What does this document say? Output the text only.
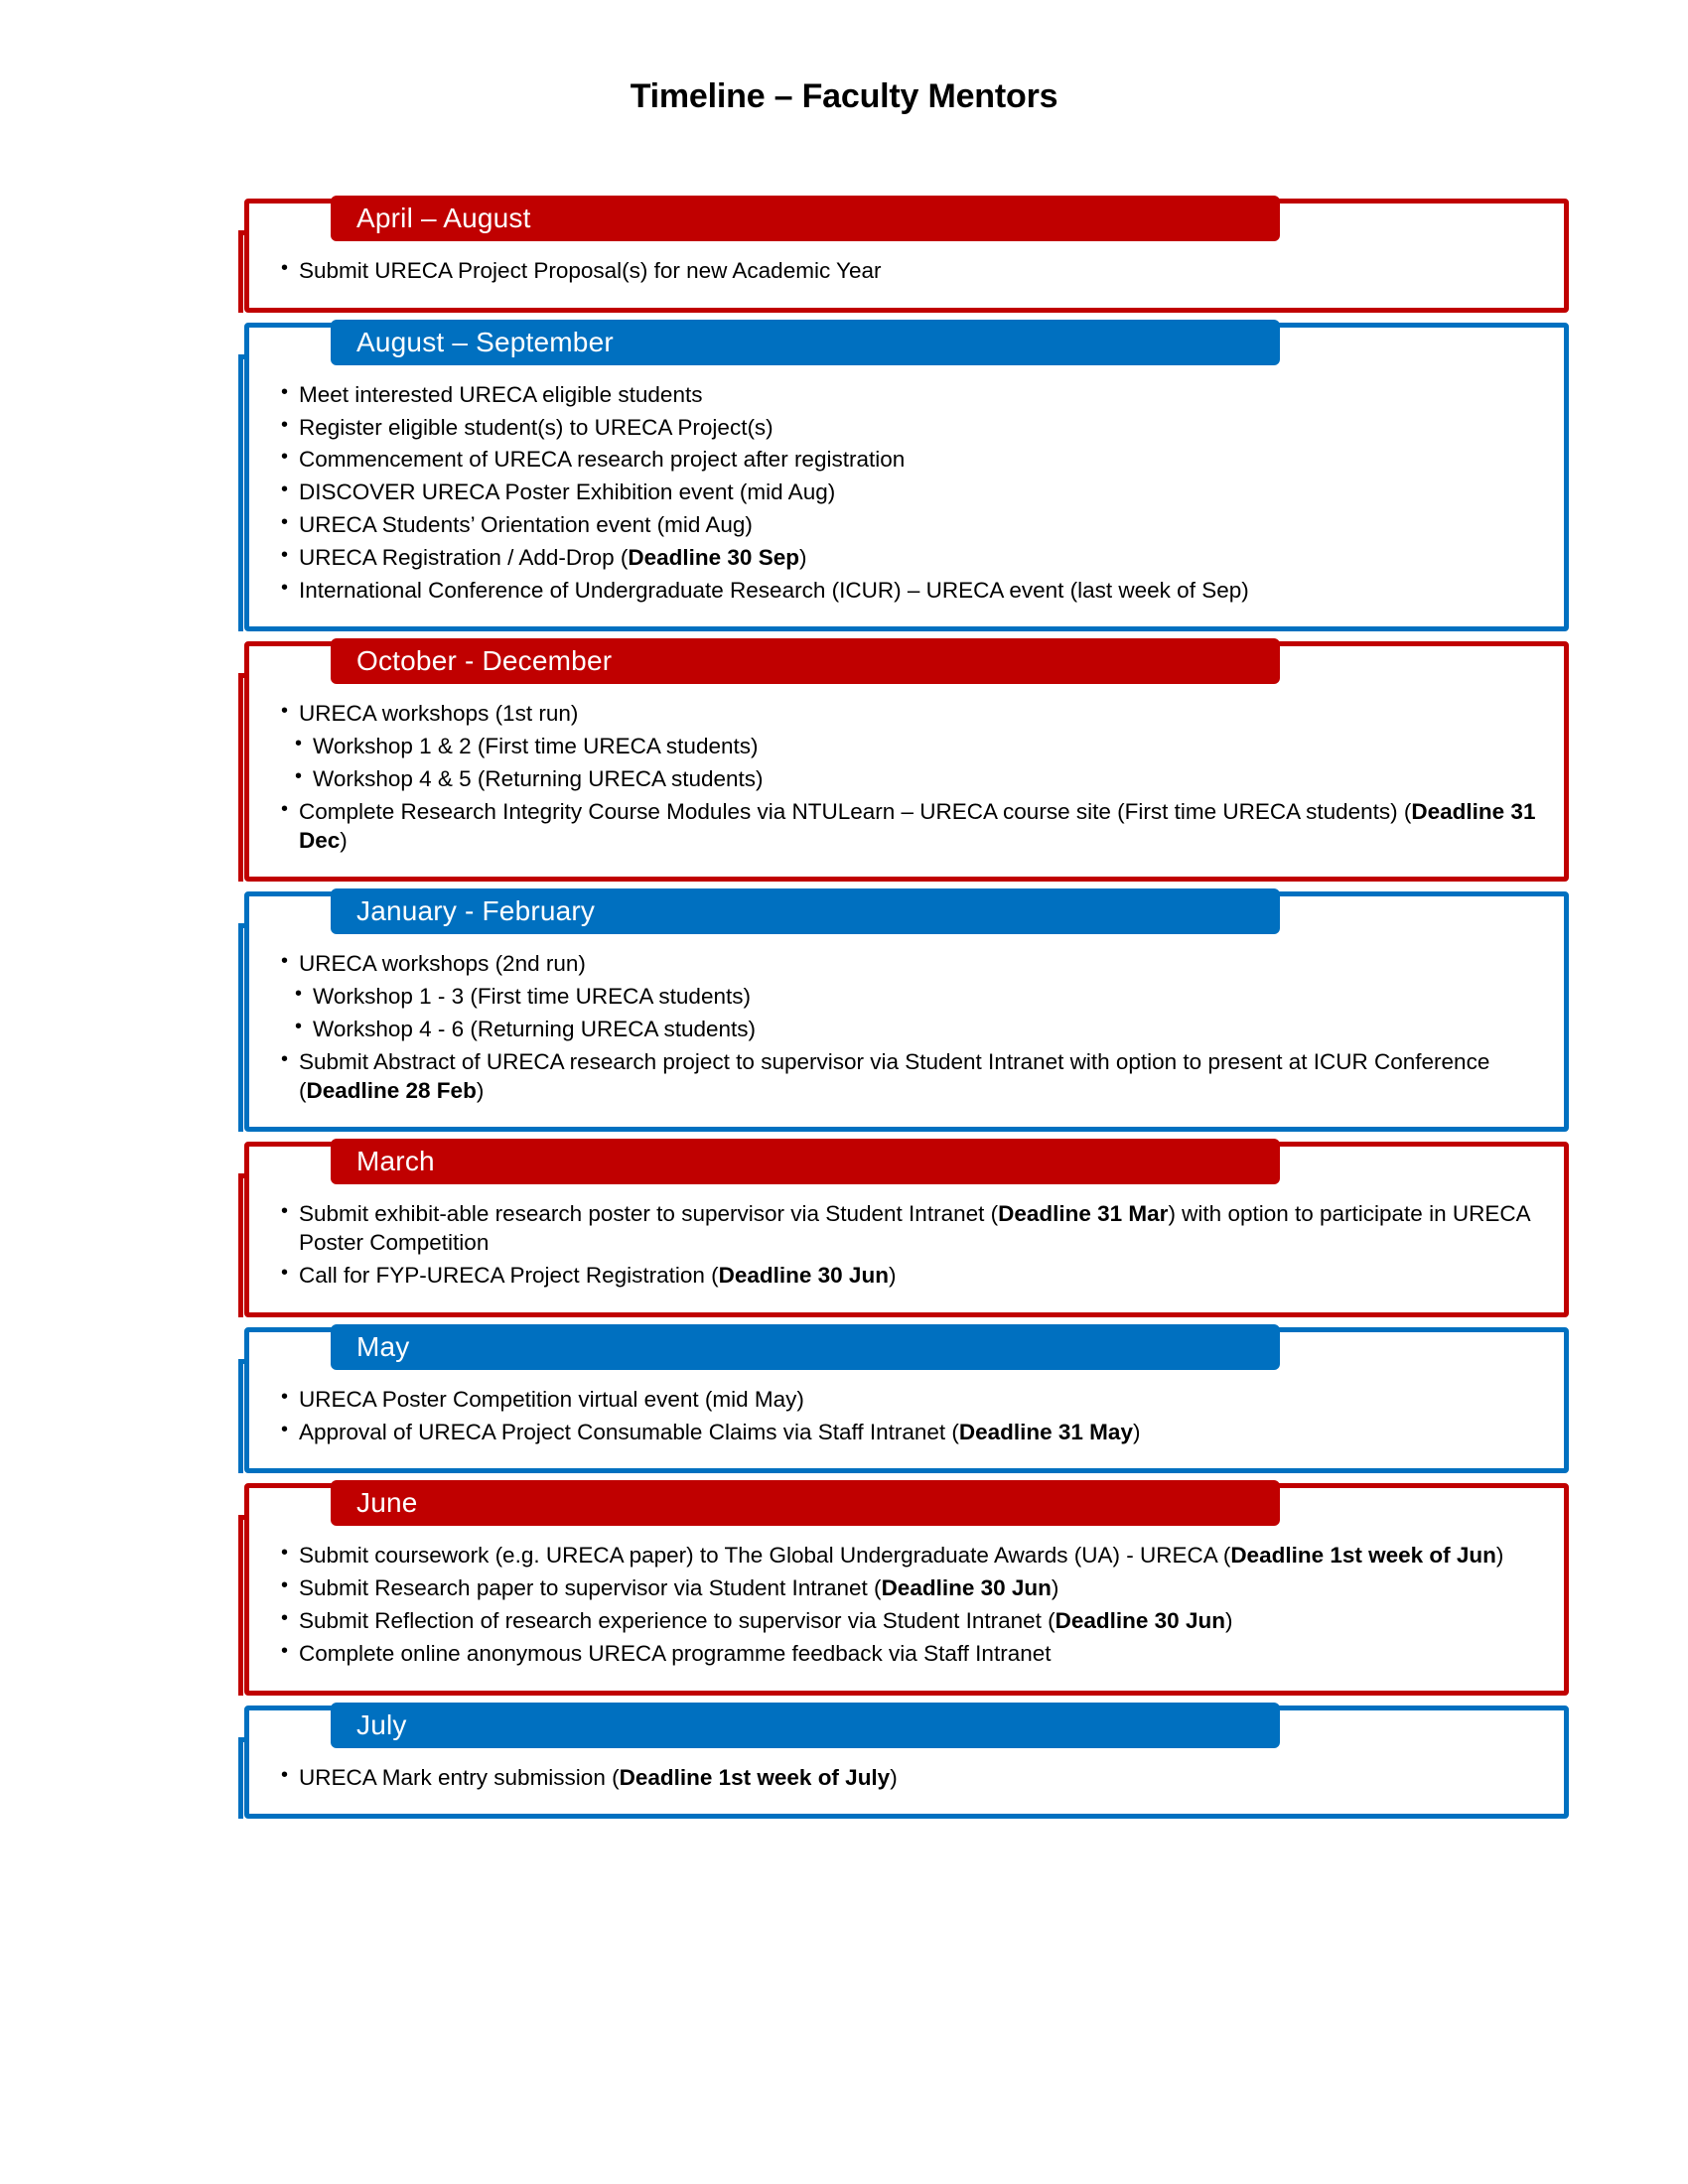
Timeline – Faculty Mentors
April – August
• Submit URECA Project Proposal(s) for new Academic Year
August – September
• Meet interested URECA eligible students
• Register eligible student(s) to URECA Project(s)
• Commencement of URECA research project after registration
• DISCOVER URECA Poster Exhibition event (mid Aug)
• URECA Students’ Orientation event (mid Aug)
• URECA Registration / Add-Drop (Deadline 30 Sep)
• International Conference of Undergraduate Research (ICUR) – URECA event (last week of Sep)
October - December
• URECA workshops (1st run)
• Workshop 1 & 2 (First time URECA students)
• Workshop 4 & 5 (Returning URECA students)
• Complete Research Integrity Course Modules via NTULearn – URECA course site (First time URECA students) (Deadline 31 Dec)
January - February
• URECA workshops (2nd run)
• Workshop 1 - 3 (First time URECA students)
• Workshop 4 - 6 (Returning URECA students)
• Submit Abstract of URECA research project to supervisor via Student Intranet with option to present at ICUR Conference (Deadline 28 Feb)
March
• Submit exhibit-able research poster to supervisor via Student Intranet (Deadline 31 Mar) with option to participate in URECA Poster Competition
• Call for FYP-URECA Project Registration (Deadline 30 Jun)
May
• URECA Poster Competition virtual event (mid May)
• Approval of URECA Project Consumable Claims via Staff Intranet (Deadline 31 May)
June
• Submit coursework (e.g. URECA paper) to The Global Undergraduate Awards (UA) - URECA (Deadline 1st week of Jun)
• Submit Research paper to supervisor via Student Intranet (Deadline 30 Jun)
• Submit Reflection of research experience to supervisor via Student Intranet (Deadline 30 Jun)
• Complete online anonymous URECA programme feedback via Staff Intranet
July
• URECA Mark entry submission (Deadline 1st week of July)
